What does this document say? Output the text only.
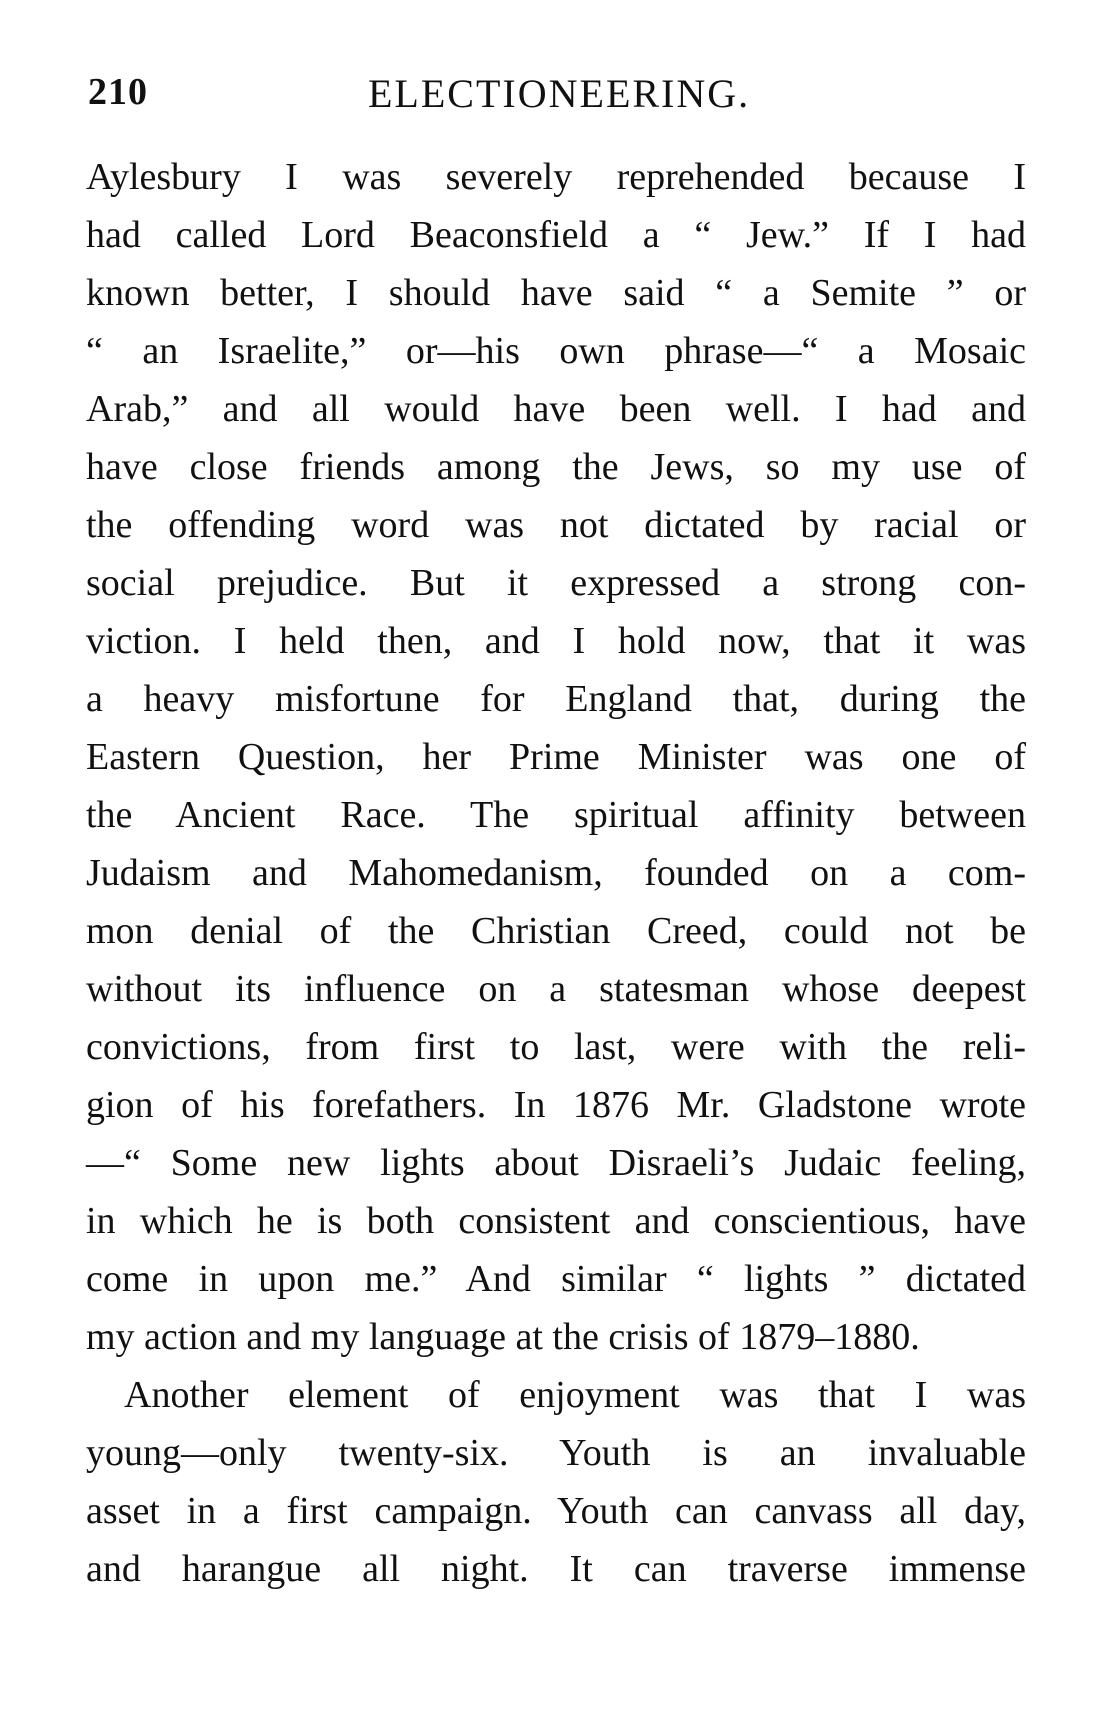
210	ELECTIONEERING.
Aylesbury I was severely reprehended because I
had called Lord Beaconsfield a “ Jew.” If I had
known better, I should have said “ a Semite ” or
“ an Israelite,” or—his own phrase—“ a Mosaic
Arab,” and all would have been well. I had and
have close friends among the Jews, so my use of
the offending word was not dictated by racial or
social prejudice. But it expressed a strong con-
viction. I held then, and I hold now, that it was
a heavy misfortune for England that, during the
Eastern Question, her Prime Minister was one of
the Ancient Race. The spiritual affinity between
Judaism and Mahomedanism, founded on a com-
mon denial of the Christian Creed, could not be
without its influence on a statesman whose deepest
convictions, from first to last, were with the reli-
gion of his forefathers. In 1876 Mr. Gladstone wrote
—“ Some new lights about Disraeli’s Judaic feeling,
in which he is both consistent and conscientious, have
come in upon me.” And similar “ lights ” dictated
my action and my language at the crisis of 1879–1880.
Another element of enjoyment was that I was
young—only twenty-six. Youth is an invaluable
asset in a first campaign. Youth can canvass all day,
and harangue all night. It can traverse immense
